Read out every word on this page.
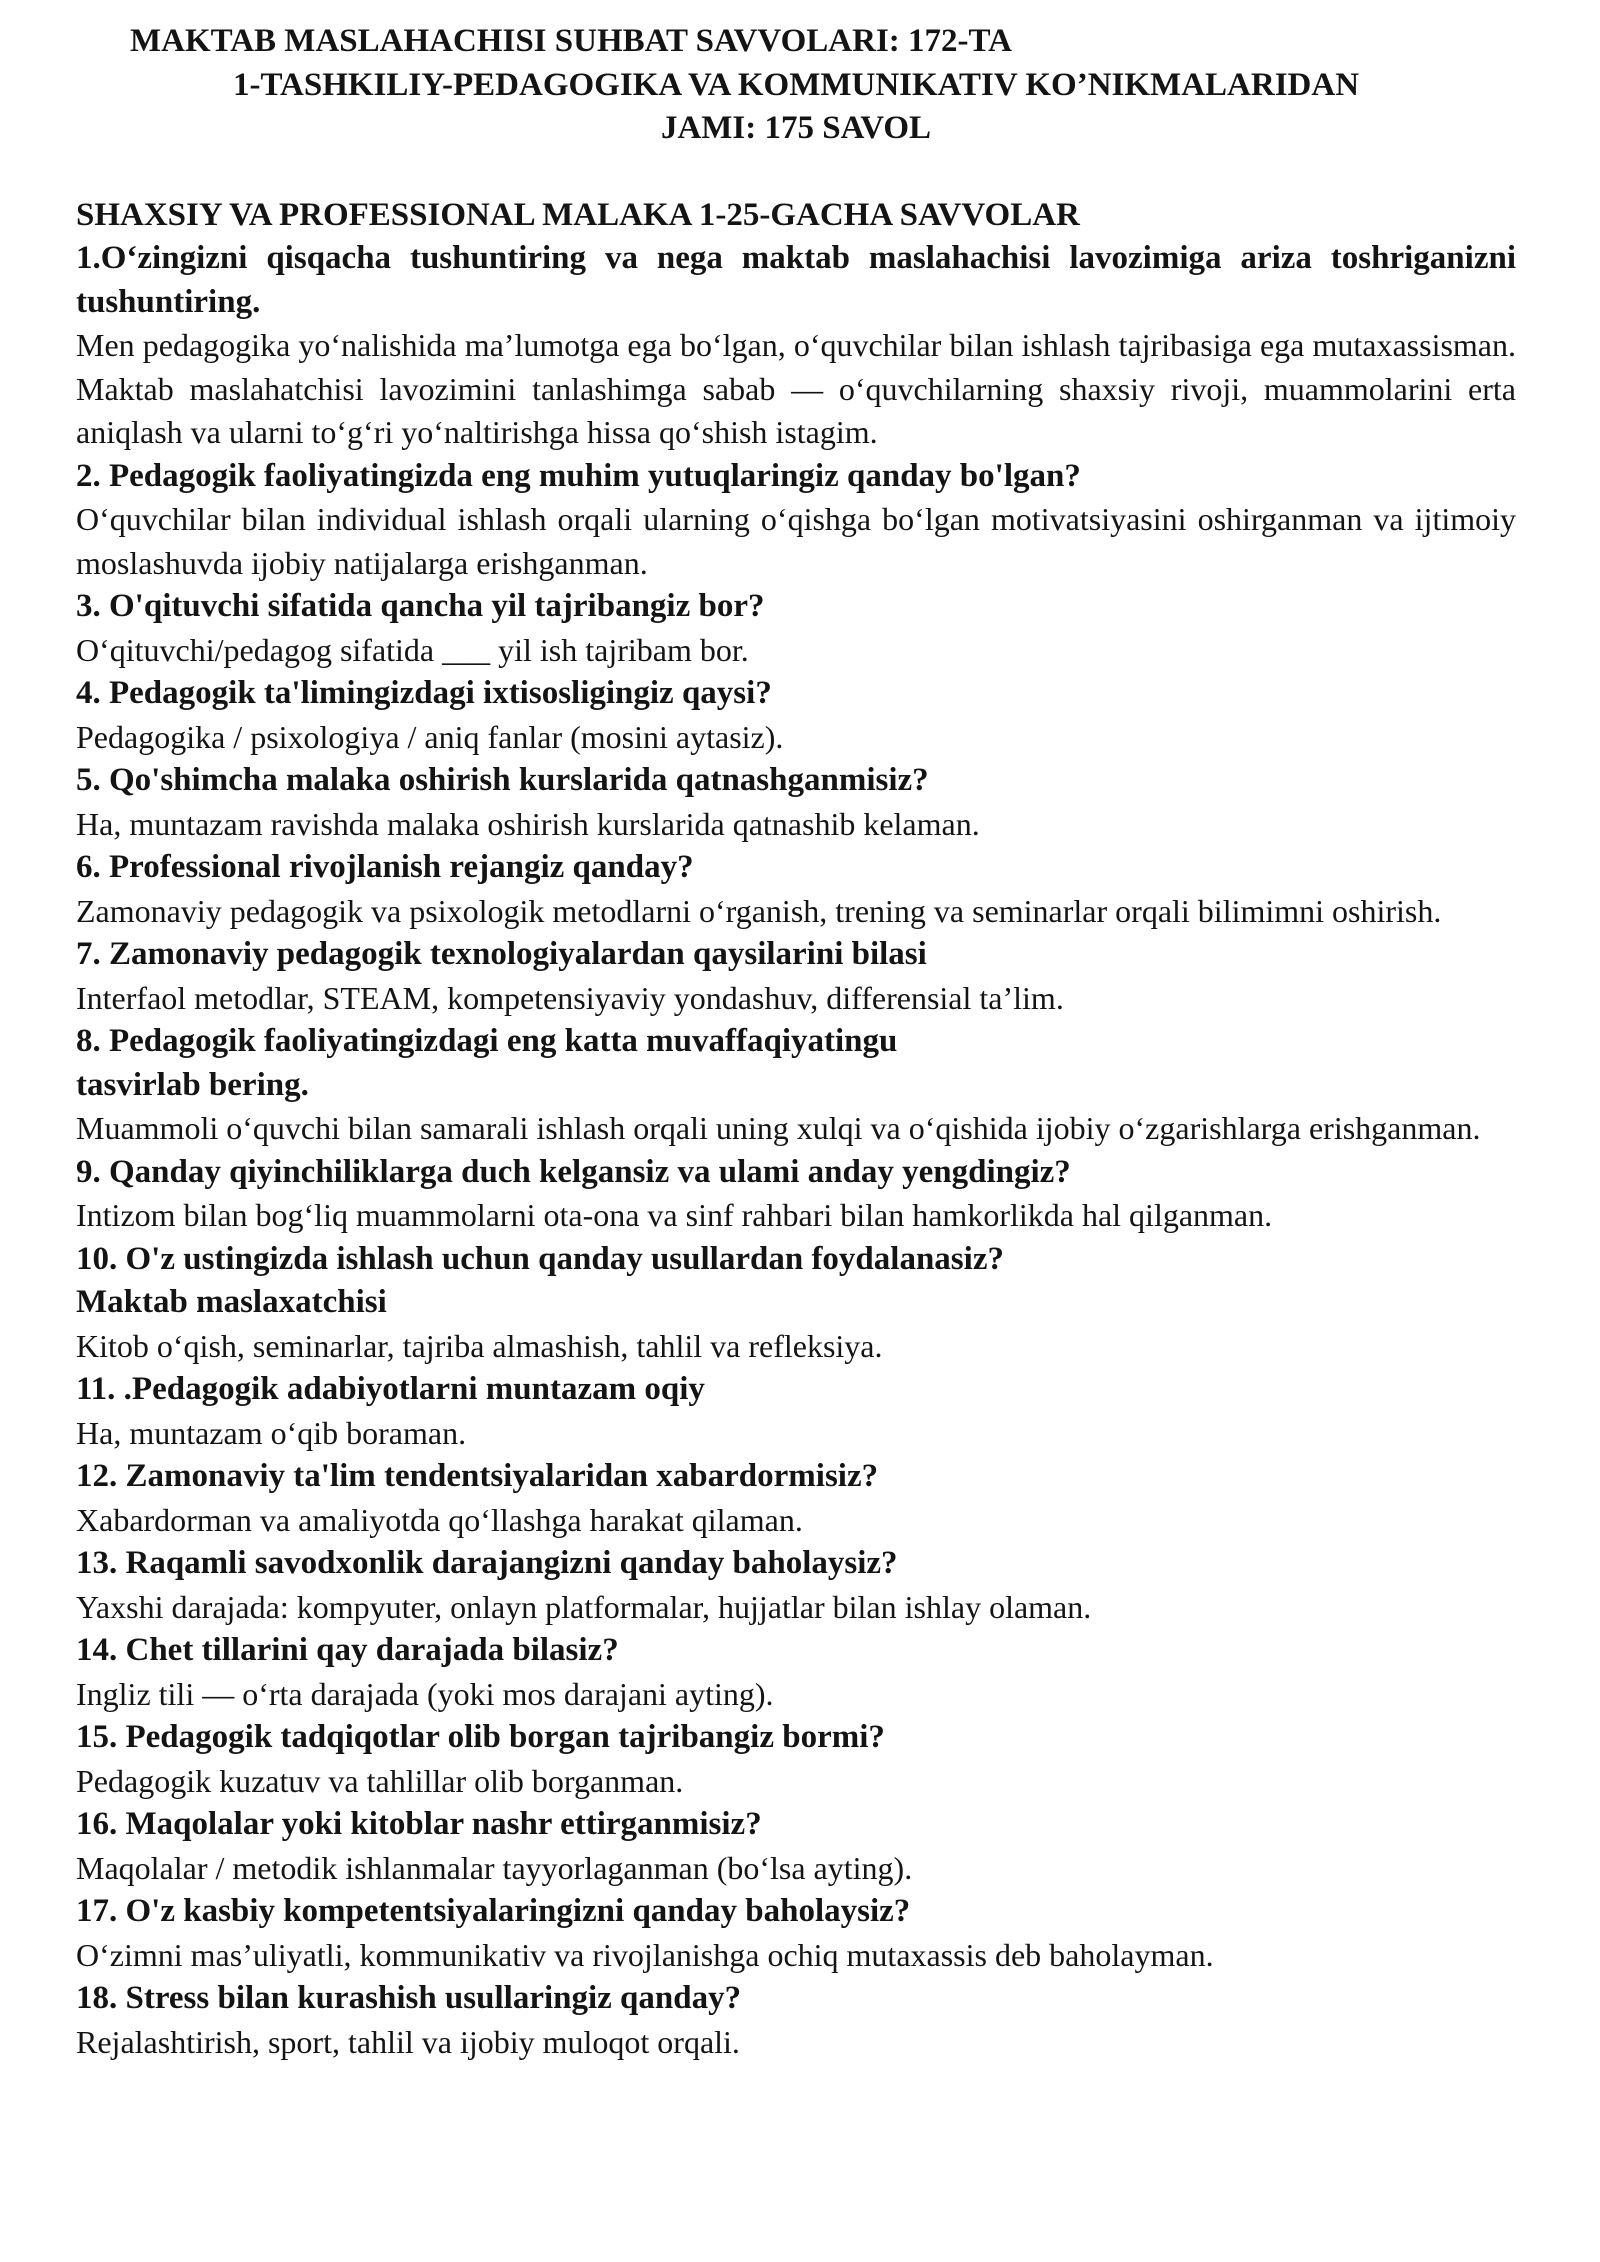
MAKTAB MASLAHACHISI SUHBAT SAVVOLARI: 172-TA

1-TASHKILIY-PEDAGOGIKA VA KOMMUNIKATIV KO’NIKMALARIDAN

JAMI: 175 SAVOL

SHAXSIY VA PROFESSIONAL MALAKA 1-25-GACHA SAVVOLAR

1.O‘zingizni qisqacha tushuntiring va nega maktab maslahachisi lavozimiga ariza toshriganizni tushuntiring.

Men pedagogika yo‘nalishida ma’lumotga ega bo‘lgan, o‘quvchilar bilan ishlash tajribasiga ega mutaxassisman. Maktab maslahatchisi lavozimini tanlashimga sabab — o‘quvchilarning shaxsiy rivoji, muammolarini erta aniqlash va ularni to‘g‘ri yo‘naltirishga hissa qo‘shish istagim.

2. Pedagogik faoliyatingizda eng muhim yutuqlaringiz qanday bo'lgan?

O‘quvchilar bilan individual ishlash orqali ularning o‘qishga bo‘lgan motivatsiyasini oshirganman va ijtimoiy moslashuvda ijobiy natijalarga erishganman.

3. O'qituvchi sifatida qancha yil tajribangiz bor?

O‘qituvchi/pedagog sifatida ___ yil ish tajribam bor.

4. Pedagogik ta'limingizdagi ixtisosligingiz qaysi?

Pedagogika / psixologiya / aniq fanlar (mosini aytasiz).

5. Qo'shimcha malaka oshirish kurslarida qatnashganmisiz?

Ha, muntazam ravishda malaka oshirish kurslarida qatnashib kelaman.

6. Professional rivojlanish rejangiz qanday?

Zamonaviy pedagogik va psixologik metodlarni o‘rganish, trening va seminarlar orqali bilimimni oshirish.

7. Zamonaviy pedagogik texnologiyalardan qaysilarini bilasi

Interfaol metodlar, STEAM, kompetensiyaviy yondashuv, differensial ta’lim.

8. Pedagogik faoliyatingizdagi eng katta muvaffaqiyatingu

tasvirlab bering.

Muammoli o‘quvchi bilan samarali ishlash orqali uning xulqi va o‘qishida ijobiy o‘zgarishlarga erishganman.

9. Qanday qiyinchiliklarga duch kelgansiz va ulami anday yengdingiz?

Intizom bilan bog‘liq muammolarni ota-ona va sinf rahbari bilan hamkorlikda hal qilganman.

10. O'z ustingizda ishlash uchun qanday usullardan foydalanasiz?

Maktab maslaxatchisi

Kitob o‘qish, seminarlar, tajriba almashish, tahlil va refleksiya.

11. .Pedagogik adabiyotlarni muntazam oqiy

Ha, muntazam o‘qib boraman.

12. Zamonaviy ta'lim tendentsiyalaridan xabardormisiz?

Xabardorman va amaliyotda qo‘llashga harakat qilaman.

13. Raqamli savodxonlik darajangizni qanday baholaysiz?

Yaxshi darajada: kompyuter, onlayn platformalar, hujjatlar bilan ishlay olaman.

14. Chet tillarini qay darajada bilasiz?

Ingliz tili — o‘rta darajada (yoki mos darajani ayting).

15. Pedagogik tadqiqotlar olib borgan tajribangiz bormi?

Pedagogik kuzatuv va tahlillar olib borganman.

16. Maqolalar yoki kitoblar nashr ettirganmisiz?

Maqolalar / metodik ishlanmalar tayyorlaganman (bo‘lsa ayting).

17. O'z kasbiy kompetentsiyalaringizni qanday baholaysiz?

O‘zimni mas’uliyatli, kommunikativ va rivojlanishga ochiq mutaxassis deb baholayman.

18. Stress bilan kurashish usullaringiz qanday?

Rejalashtirish, sport, tahlil va ijobiy muloqot orqali.
